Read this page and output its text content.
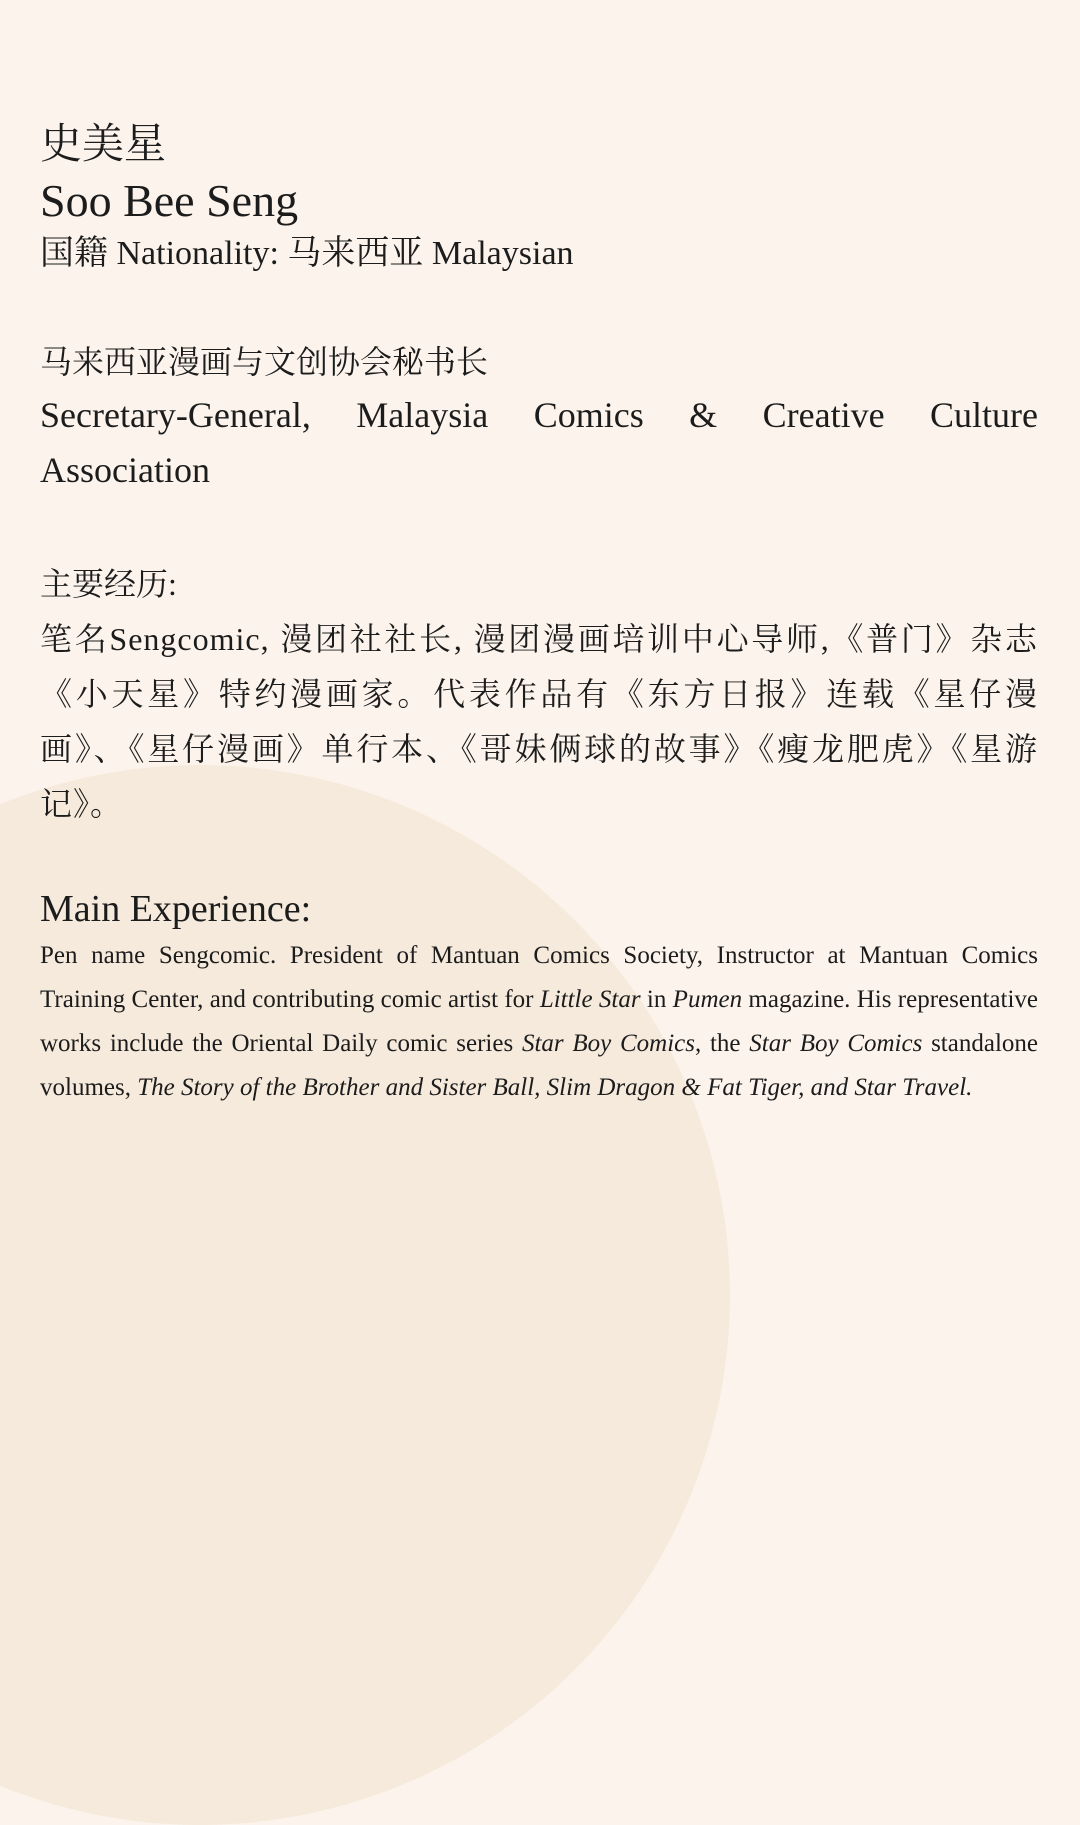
史美星
Soo Bee Seng
国籍 Nationality: 马来西亚 Malaysian
马来西亚漫画与文创协会秘书长
Secretary-General, Malaysia Comics & Creative Culture Association
主要经历:
笔名Sengcomic, 漫团社社长, 漫团漫画培训中心导师,《普门》杂志《小天星》特约漫画家。代表作品有《东方日报》连载《星仔漫画》、《星仔漫画》单行本、《哥妹俩球的故事》《瘦龙肥虎》《星游记》。
Main Experience:
Pen name Sengcomic. President of Mantuan Comics Society, Instructor at Mantuan Comics Training Center, and contributing comic artist for Little Star in Pumen magazine. His representative works include the Oriental Daily comic series Star Boy Comics, the Star Boy Comics standalone volumes, The Story of the Brother and Sister Ball, Slim Dragon & Fat Tiger, and Star Travel.
